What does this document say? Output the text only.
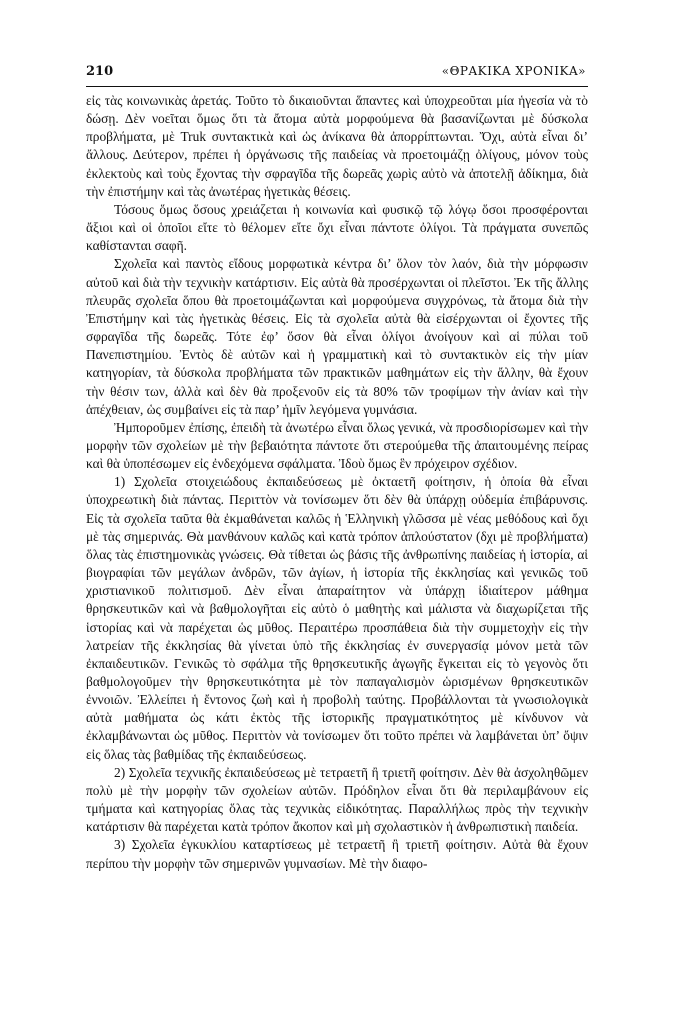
210	«ΘΡΑΚΙΚΑ ΧΡΟΝΙΚΑ»

εἰς τὰς κοινωνικὰς ἀρετάς. Τοῦτο τὸ δικαιοῦνται ἅπαντες καὶ ὑποχρεοῦται μία ἡγεσία νὰ τὸ δώσῃ. Δὲν νοεῖται ὅμως ὅτι τὰ ἄτομα αὐτὰ μορφούμενα θὰ βασανίζωνται μὲ δύσκολα προβλήματα, μὲ Truk συντακτικὰ καὶ ὡς ἀνίκανα θὰ ἀπορρίπτωνται. Ὄχι, αὐτὰ εἶναι δι’ ἄλλους. Δεύτερον, πρέπει ἡ ὀργάνωσις τῆς παιδείας νὰ προετοιμάζῃ ὀλίγους, μόνον τοὺς ἐκλεκτοὺς καὶ τοὺς ἔχοντας τὴν σφραγῖδα τῆς δωρεᾶς χωρὶς αὐτὸ νὰ ἀποτελῇ ἀδίκημα, διὰ τὴν ἐπιστήμην καὶ τὰς ἀνωτέρας ἡγετικὰς θέσεις.

Τόσους ὅμως ὅσους χρειάζεται ἡ κοινωνία καὶ φυσικῷ τῷ λόγῳ ὅσοι προσφέρονται ἄξιοι καὶ οἱ ὁποῖοι εἴτε τὸ θέλομεν εἴτε ὄχι εἶναι πάντοτε ὀλίγοι. Τὰ πράγματα συνεπῶς καθίστανται σαφῆ.

Σχολεῖα καὶ παντὸς εἴδους μορφωτικὰ κέντρα δι’ ὅλον τὸν λαόν, διὰ τὴν μόρφωσιν αὐτοῦ καὶ διὰ τὴν τεχνικὴν κατάρτισιν. Εἰς αὐτὰ θὰ προσέρχωνται οἱ πλεῖστοι. Ἐκ τῆς ἄλλης πλευρᾶς σχολεῖα ὅπου θὰ προετοιμάζωνται καὶ μορφούμενα συγχρόνως, τὰ ἄτομα διὰ τὴν Ἐπιστήμην καὶ τὰς ἡγετικὰς θέσεις. Εἰς τὰ σχολεῖα αὐτὰ θὰ εἰσέρχωνται οἱ ἔχοντες τῆς σφραγῖδα τῆς δωρεᾶς. Τότε ἐφ’ ὅσον θὰ εἶναι ὀλίγοι ἀνοίγουν καὶ αἱ πύλαι τοῦ Πανεπιστημίου. Ἐντὸς δὲ αὐτῶν καὶ ἡ γραμματικὴ καὶ τὸ συντακτικὸν εἰς τὴν μίαν κατηγορίαν, τὰ δύσκολα προβλήματα τῶν πρακτικῶν μαθημάτων εἰς τὴν ἄλλην, θὰ ἔχουν τὴν θέσιν των, ἀλλὰ καὶ δὲν θὰ προξενοῦν εἰς τὰ 80% τῶν τροφίμων τὴν ἀνίαν καὶ τὴν ἀπέχθειαν, ὡς συμβαίνει εἰς τὰ παρ’ ἡμῖν λεγόμενα γυμνάσια.

Ἠμποροῦμεν ἐπίσης, ἐπειδὴ τὰ ἀνωτέρω εἶναι ὅλως γενικά, νὰ προσδιορίσωμεν καὶ τὴν μορφὴν τῶν σχολείων μὲ τὴν βεβαιότητα πάντοτε ὅτι στερούμεθα τῆς ἀπαιτουμένης πείρας καὶ θὰ ὑποπέσωμεν εἰς ἐνδεχόμενα σφάλματα. Ἰδοὺ ὅμως ἓν πρόχειρον σχέδιον.

1) Σχολεῖα στοιχειώδους ἐκπαιδεύσεως μὲ ὀκταετῆ φοίτησιν, ἡ ὁποία θὰ εἶναι ὑποχρεωτικὴ διὰ πάντας. Περιττὸν νὰ τονίσωμεν ὅτι δὲν θὰ ὑπάρχῃ οὐδεμία ἐπιβάρυνσις. Εἰς τὰ σχολεῖα ταῦτα θὰ ἐκμαθάνεται καλῶς ἡ Ἑλληνικὴ γλῶσσα μὲ νέας μεθόδους καὶ ὄχι μὲ τὰς σημερινάς. Θὰ μανθάνουν καλῶς καὶ κατὰ τρόπον ἁπλούστατον (δχι μὲ προβλήματα) ὅλας τὰς ἐπιστημονικὰς γνώσεις. Θὰ τίθεται ὡς βάσις τῆς ἀνθρωπίνης παιδείας ἡ ἱστορία, αἱ βιογραφίαι τῶν μεγάλων ἀνδρῶν, τῶν ἁγίων, ἡ ἱστορία τῆς ἐκκλησίας καὶ γενικῶς τοῦ χριστιανικοῦ πολιτισμοῦ. Δὲν εἶναι ἀπαραίτητον νὰ ὑπάρχῃ ἰδιαίτερον μάθημα θρησκευτικῶν καὶ νὰ βαθμολογῆται εἰς αὐτὸ ὁ μαθητὴς καὶ μάλιστα νὰ διαχωρίζεται τῆς ἱστορίας καὶ νὰ παρέχεται ὡς μῦθος. Περαιτέρω προσπάθεια διὰ τὴν συμμετοχὴν εἰς τὴν λατρείαν τῆς ἐκκλησίας θὰ γίνεται ὑπὸ τῆς ἐκκλησίας ἐν συνεργασίᾳ μόνον μετὰ τῶν ἐκπαιδευτικῶν. Γενικῶς τὸ σφάλμα τῆς θρησκευτικῆς ἀγωγῆς ἔγκειται εἰς τὸ γεγονὸς ὅτι βαθμολογοῦμεν τὴν θρησκευτικότητα μὲ τὸν παπαγαλισμὸν ὡρισμένων θρησκευτικῶν ἐννοιῶν. Ἐλλείπει ἡ ἔντονος ζωὴ καὶ ἡ προβολὴ ταύτης. Προβάλλονται τὰ γνωσιολογικὰ αὐτὰ μαθήματα ὡς κάτι ἐκτὸς τῆς ἱστορικῆς πραγματικότητος μὲ κίνδυνον νὰ ἐκλαμβάνωνται ὡς μῦθος. Περιττὸν νὰ τονίσωμεν ὅτι τοῦτο πρέπει νὰ λαμβάνεται ὑπ’ ὄψιν εἰς ὅλας τὰς βαθμίδας τῆς ἐκπαιδεύσεως.

2) Σχολεῖα τεχνικῆς ἐκπαιδεύσεως μὲ τετραετῆ ἢ τριετῆ φοίτησιν. Δὲν θὰ ἀσχοληθῶμεν πολὺ μὲ τὴν μορφὴν τῶν σχολείων αὐτῶν. Πρόδηλον εἶναι ὅτι θὰ περιλαμβάνουν εἰς τμήματα καὶ κατηγορίας ὅλας τὰς τεχνικὰς εἰδικότητας. Παραλλήλως πρὸς τὴν τεχνικὴν κατάρτισιν θὰ παρέχεται κατὰ τρόπον ἄκοπον καὶ μὴ σχολαστικὸν ἡ ἀνθρωπιστικὴ παιδεία.

3) Σχολεῖα ἐγκυκλίου καταρτίσεως μὲ τετραετῆ ἢ τριετῆ φοίτησιν. Αὐτὰ θὰ ἔχουν περίπου τὴν μορφὴν τῶν σημερινῶν γυμνασίων. Μὲ τὴν διαφο-
